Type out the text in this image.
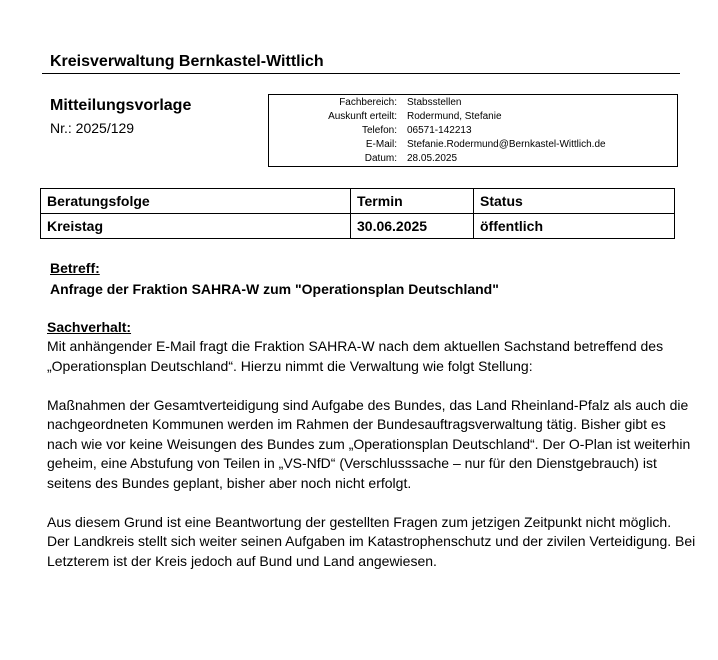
Kreisverwaltung Bernkastel-Wittlich
Mitteilungsvorlage
Nr.: 2025/129
Fachbereich: Stabsstellen
Auskunft erteilt: Rodermund, Stefanie
Telefon: 06571-142213
E-Mail: Stefanie.Rodermund@Bernkastel-Wittlich.de
Datum: 28.05.2025
Beratungsfolge	Termin	Status
Kreistag	30.06.2025	öffentlich
Betreff:
Anfrage der Fraktion SAHRA-W zum "Operationsplan Deutschland"
Sachverhalt:

Mit anhängender E-Mail fragt die Fraktion SAHRA-W nach dem aktuellen Sachstand betreffend des „Operationsplan Deutschland“. Hierzu nimmt die Verwaltung wie folgt Stellung:

Maßnahmen der Gesamtverteidigung sind Aufgabe des Bundes, das Land Rheinland-Pfalz als auch die nachgeordneten Kommunen werden im Rahmen der Bundesauftragsverwaltung tätig. Bisher gibt es nach wie vor keine Weisungen des Bundes zum „Operationsplan Deutschland“. Der O-Plan ist weiterhin geheim, eine Abstufung von Teilen in „VS-NfD“ (Verschlusssache – nur für den Dienstgebrauch) ist seitens des Bundes geplant, bisher aber noch nicht erfolgt.

Aus diesem Grund ist eine Beantwortung der gestellten Fragen zum jetzigen Zeitpunkt nicht möglich. Der Landkreis stellt sich weiter seinen Aufgaben im Katastrophenschutz und der zivilen Verteidigung. Bei Letzterem ist der Kreis jedoch auf Bund und Land angewiesen.
